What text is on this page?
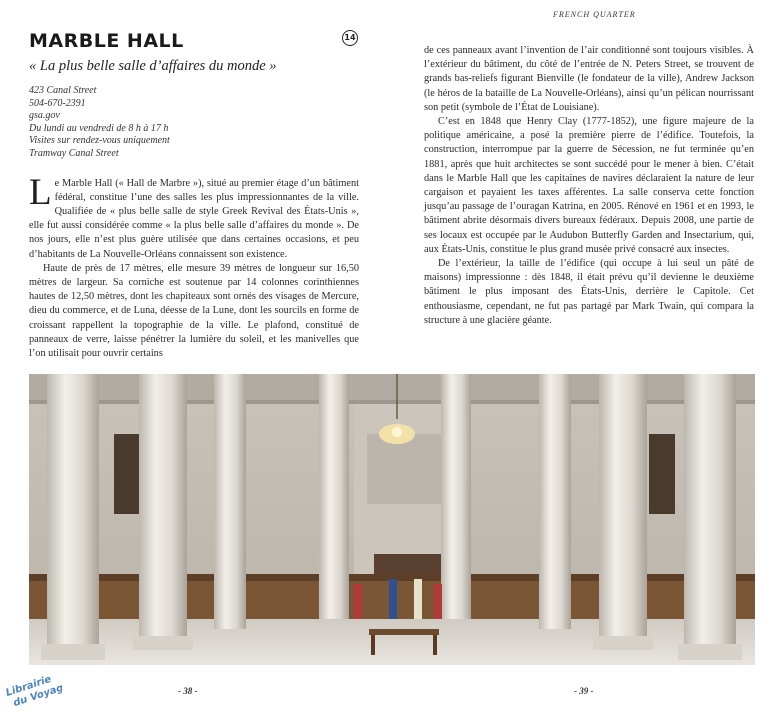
FRENCH QUARTER
MARBLE HALL	14
« La plus belle salle d’affaires du monde »
423 Canal Street
504-670-2391
gsa.gov
Du lundi au vendredi de 8 h à 17 h
Visites sur rendez-vous uniquement
Tramway Canal Street

Le Marble Hall (« Hall de Marbre »), situé au premier étage d’un bâtiment fédéral, constitue l’une des salles les plus impressionnantes de la ville. Qualifiée de « plus belle salle de style Greek Revival des États-Unis », elle fut aussi considérée comme « la plus belle salle d’affaires du monde ». De nos jours, elle n’est plus guère utilisée que dans certaines occasions, et peu d’habitants de La Nouvelle-Orléans connaissent son existence.

Haute de près de 17 mètres, elle mesure 39 mètres de longueur sur 16,50 mètres de largeur. Sa corniche est soutenue par 14 colonnes corinthiennes hautes de 12,50 mètres, dont les chapiteaux sont ornés des visages de Mercure, dieu du commerce, et de Luna, déesse de la Lune, dont les sourcils en forme de croissant rappellent la topographie de la ville. Le plafond, constitué de panneaux de verre, laisse pénétrer la lumière du soleil, et les manivelles que l’on utilisait pour ouvrir certains

de ces panneaux avant l’invention de l’air conditionné sont toujours visibles. À l’extérieur du bâtiment, du côté de l’entrée de N. Peters Street, se trouvent de grands bas-reliefs figurant Bienville (le fondateur de la ville), Andrew Jackson (le héros de la bataille de La Nouvelle-Orléans), ainsi qu’un pélican nourrissant son petit (symbole de l’État de Louisiane).

C’est en 1848 que Henry Clay (1777-1852), une figure majeure de la politique américaine, a posé la première pierre de l’édifice. Toutefois, la construction, interrompue par la guerre de Sécession, ne fut terminée qu’en 1881, après que huit architectes se sont succédé pour le mener à bien. C’était dans le Marble Hall que les capitaines de navires déclaraient la nature de leur cargaison et payaient les taxes afférentes. La salle conserva cette fonction jusqu’au passage de l’ouragan Katrina, en 2005. Rénové en 1961 et en 1993, le bâtiment abrite désormais divers bureaux fédéraux. Depuis 2008, une partie de ses locaux est occupée par le Audubon Butterfly Garden and Insectarium, qui, aux États-Unis, constitue le plus grand musée privé consacré aux insectes.

De l’extérieur, la taille de l’édifice (qui occupe à lui seul un pâté de maisons) impressionne : dès 1848, il était prévu qu’il devienne le deuxième bâtiment le plus imposant des États-Unis, derrière le Capitole. Cet enthousiasme, cependant, ne fut pas partagé par Mark Twain, qui compara la structure à une glacière géante.

- 38 -	- 39 -
Librairie
du Voyage
